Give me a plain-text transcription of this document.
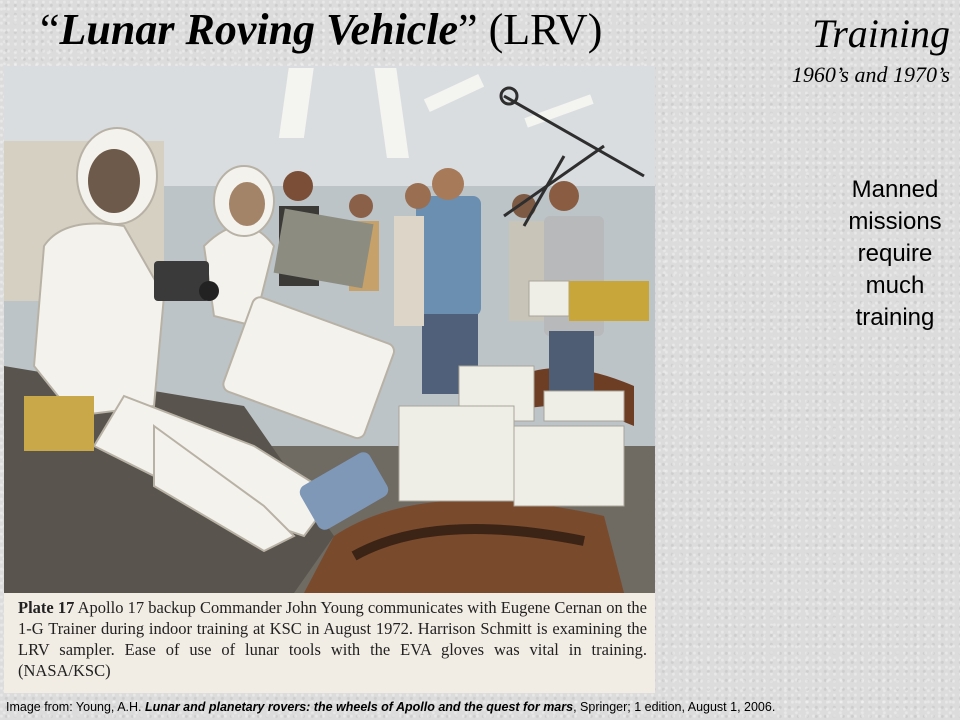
“Lunar Roving Vehicle” (LRV)	Training
1960’s and 1970’s
Manned missions require much training
Plate 17 Apollo 17 backup Commander John Young communicates with Eugene Cernan on the 1-G Trainer during indoor training at KSC in August 1972. Harrison Schmitt is examining the LRV sampler. Ease of use of lunar tools with the EVA gloves was vital in training. (NASA/KSC)
Image from: Young, A.H. Lunar and planetary rovers: the wheels of Apollo and the quest for mars, Springer; 1 edition, August 1, 2006.
